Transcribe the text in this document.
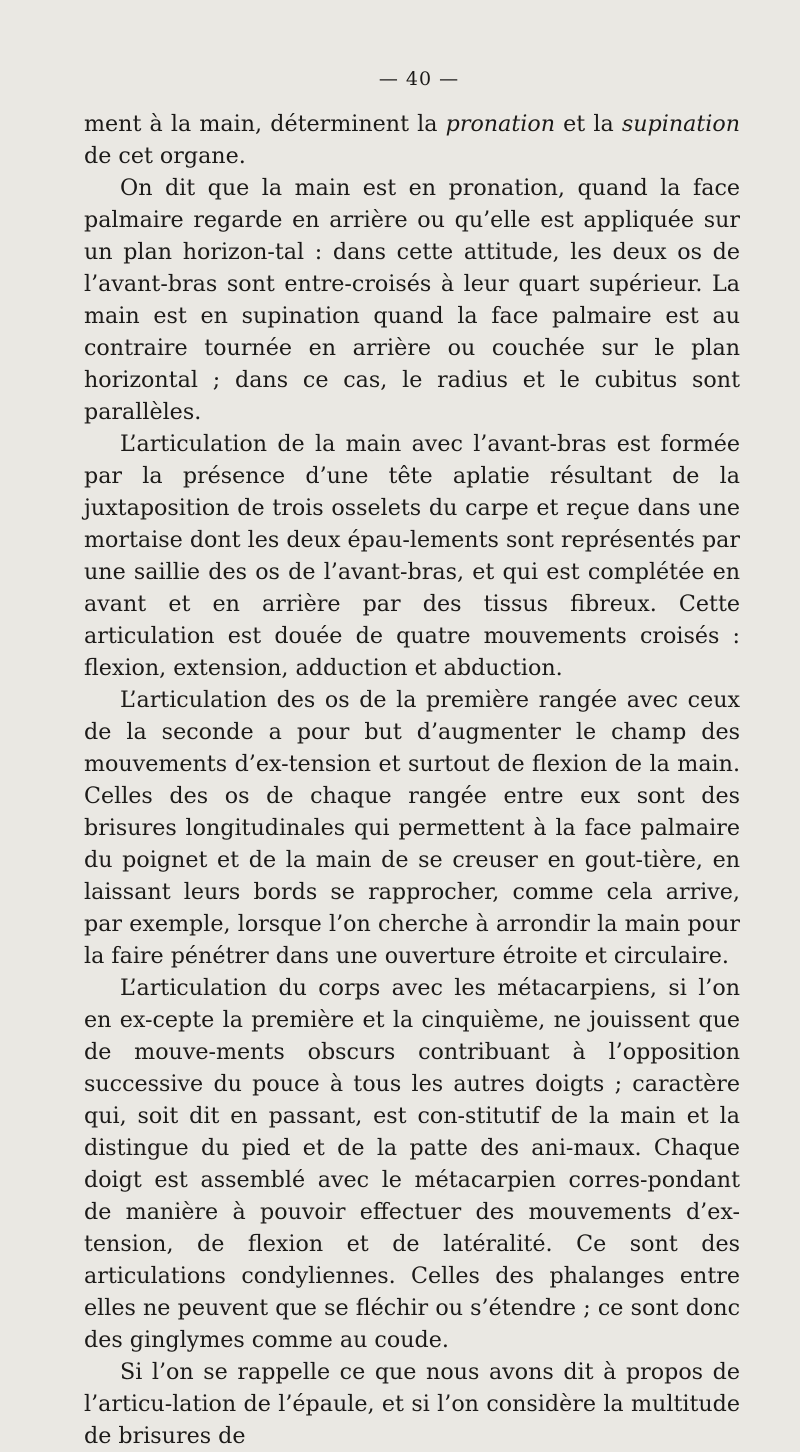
— 40 —

ment à la main, déterminent la pronation et la supination de cet organe.

On dit que la main est en pronation, quand la face palmaire regarde en arrière ou qu’elle est appliquée sur un plan horizon-tal : dans cette attitude, les deux os de l’avant-bras sont entre-croisés à leur quart supérieur. La main est en supination quand la face palmaire est au contraire tournée en arrière ou couchée sur le plan horizontal ; dans ce cas, le radius et le cubitus sont parallèles.

L’articulation de la main avec l’avant-bras est formée par la présence d’une tête aplatie résultant de la juxtaposition de trois osselets du carpe et reçue dans une mortaise dont les deux épau-lements sont représentés par une saillie des os de l’avant-bras, et qui est complétée en avant et en arrière par des tissus fibreux. Cette articulation est douée de quatre mouvements croisés : flexion, extension, adduction et abduction.

L’articulation des os de la première rangée avec ceux de la seconde a pour but d’augmenter le champ des mouvements d’ex-tension et surtout de flexion de la main. Celles des os de chaque rangée entre eux sont des brisures longitudinales qui permettent à la face palmaire du poignet et de la main de se creuser en gout-tière, en laissant leurs bords se rapprocher, comme cela arrive, par exemple, lorsque l’on cherche à arrondir la main pour la faire pénétrer dans une ouverture étroite et circulaire.

L’articulation du corps avec les métacarpiens, si l’on en ex-cepte la première et la cinquième, ne jouissent que de mouve-ments obscurs contribuant à l’opposition successive du pouce à tous les autres doigts ; caractère qui, soit dit en passant, est con-stitutif de la main et la distingue du pied et de la patte des ani-maux. Chaque doigt est assemblé avec le métacarpien corres-pondant de manière à pouvoir effectuer des mouvements d’ex-tension, de flexion et de latéralité. Ce sont des articulations condyliennes. Celles des phalanges entre elles ne peuvent que se fléchir ou s’étendre ; ce sont donc des ginglymes comme au coude.

Si l’on se rappelle ce que nous avons dit à propos de l’articu-lation de l’épaule, et si l’on considère la multitude de brisures de
